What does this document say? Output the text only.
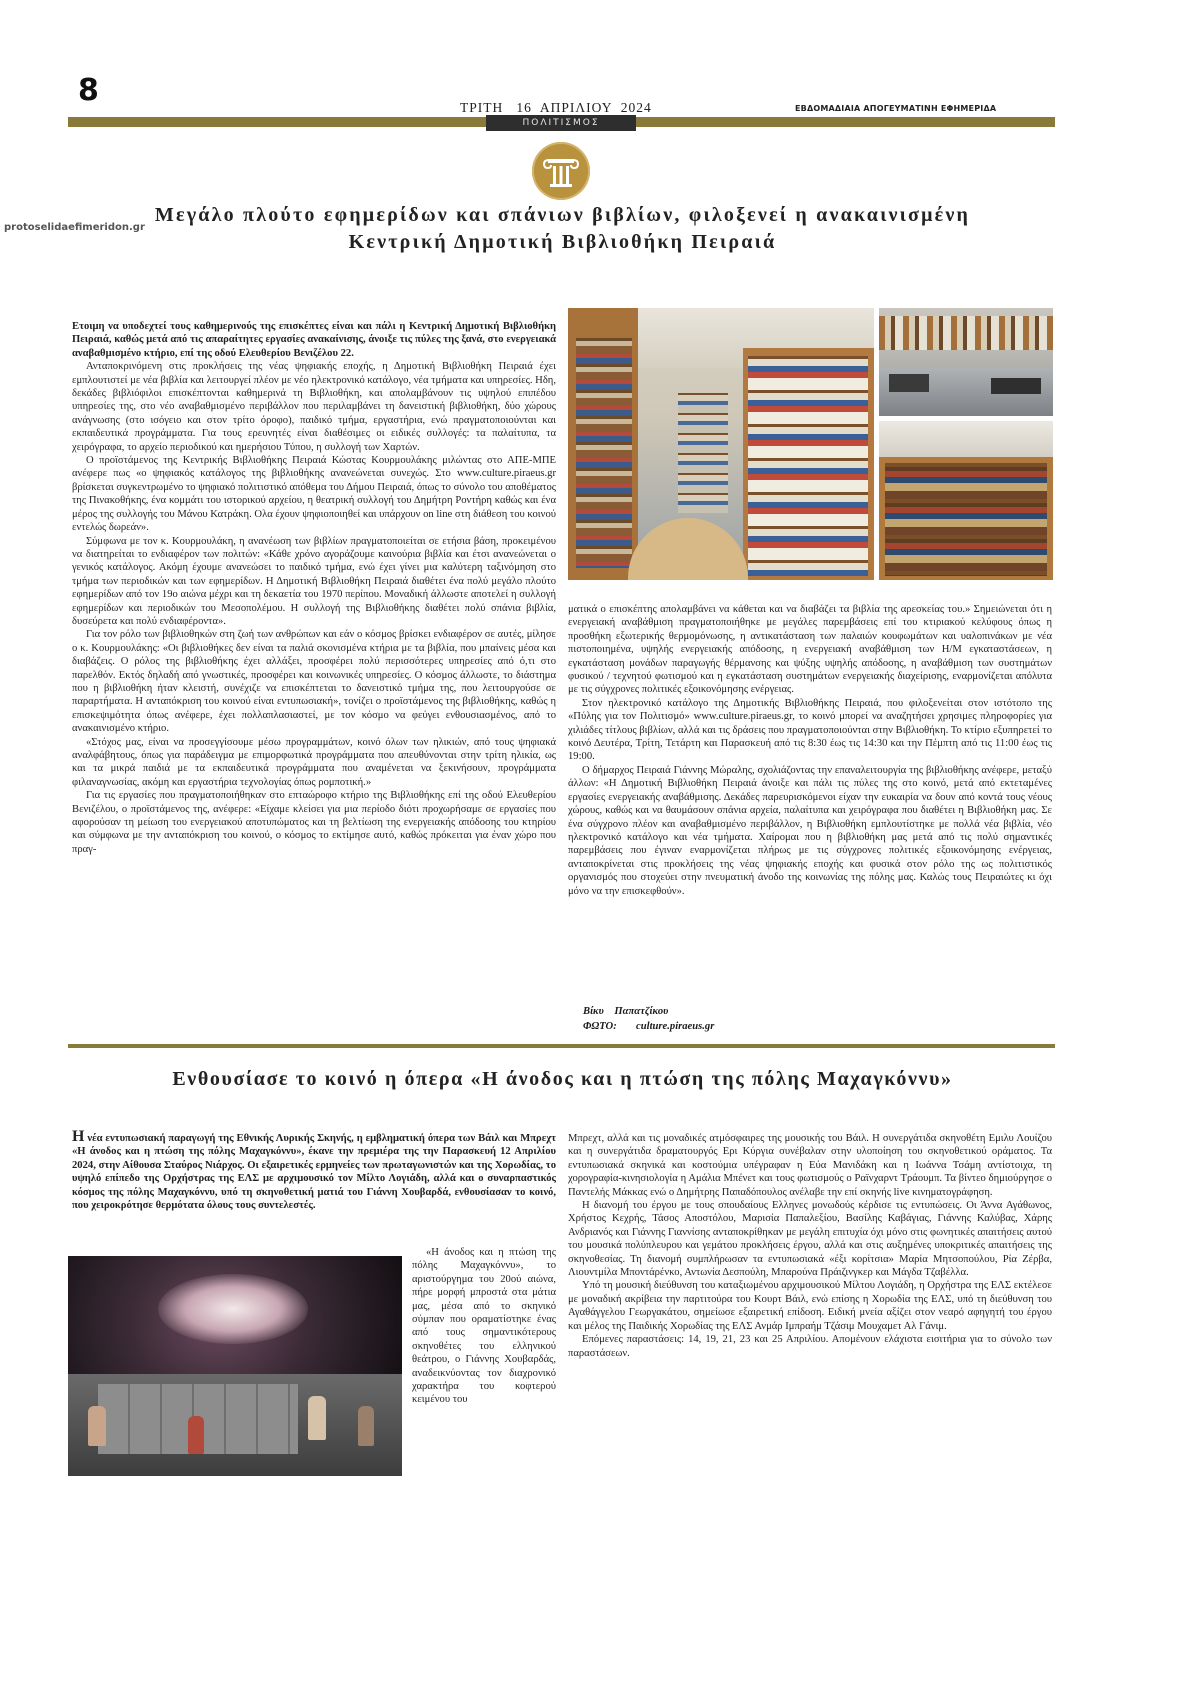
8	ΤΡΙΤΗ   16  ΑΠΡΙΛΙΟΥ  2024	ΕΒΔΟΜΑΔΙΑΙΑ ΑΠΟΓΕΥΜΑΤΙΝΗ ΕΦΗΜΕΡΙΔΑ
ΠΟΛΙΤΙΣΜΟΣ
protoselidaefimeridon.gr
Μεγάλο πλούτο εφημερίδων και σπάνιων βιβλίων, φιλοξενεί η ανακαινισμένη
Κεντρική Δημοτική Βιβλιοθήκη Πειραιά

Ετοιμη να υποδεχτεί τους καθημερινούς της επισκέπτες είναι και πάλι η Κεντρική Δημοτική Βιβλιοθήκη Πειραιά, καθώς μετά από τις απαραίτητες εργασίες ανακαίνισης, άνοιξε τις πύλες της ξανά, στο ενεργειακά αναβαθμισμένο κτήριο, επί της οδού Ελευθερίου Βενιζέλου 22.

Ανταποκρινόμενη στις προκλήσεις της νέας ψηφιακής εποχής, η Δημοτική Βιβλιοθήκη Πειραιά έχει εμπλουτιστεί με νέα βιβλία και λειτουργεί πλέον με νέο ηλεκτρονικό κατάλογο, νέα τμήματα και υπηρεσίες. Ηδη, δεκάδες βιβλιόφιλοι επισκέπτονται καθημερινά τη Βιβλιοθήκη, και απολαμβάνουν τις υψηλού επιπέδου υπηρεσίες της, στο νέο αναβαθμισμένο περιβάλλον που περιλαμβάνει τη δανειστική βιβλιοθήκη, δύο χώρους ανάγνωσης (στο ισόγειο και στον τρίτο όροφο), παιδικό τμήμα, εργαστήρια, ενώ πραγματοποιούνται και εκπαιδευτικά προγράμματα. Για τους ερευνητές είναι διαθέσιμες οι ειδικές συλλογές: τα παλαίτυπα, τα χειρόγραφα, το αρχείο περιοδικού και ημερήσιου Τύπου, η συλλογή των Χαρτών.

Ο προϊστάμενος της Κεντρικής Βιβλιοθήκης Πειραιά Κώστας Κουρμουλάκης μιλώντας στο ΑΠΕ-ΜΠΕ ανέφερε πως «ο ψηφιακός κατάλογος της βιβλιοθήκης ανανεώνεται συνεχώς. Στο www.culture.piraeus.gr βρίσκεται συγκεντρωμένο το ψηφιακό πολιτιστικό απόθεμα του Δήμου Πειραιά, όπως το σύνολο του αποθέματος της Πινακοθήκης, ένα κομμάτι του ιστορικού αρχείου, η θεατρική συλλογή του Δημήτρη Ροντήρη καθώς και ένα μέρος της συλλογής του Μάνου Κατράκη. Ολα έχουν ψηφιοποιηθεί και υπάρχουν on line στη διάθεση του κοινού εντελώς δωρεάν».

Σύμφωνα με τον κ. Κουρμουλάκη, η ανανέωση των βιβλίων πραγματοποιείται σε ετήσια βάση, προκειμένου να διατηρείται το ενδιαφέρον των πολιτών: «Κάθε χρόνο αγοράζουμε καινούρια βιβλία και έτσι ανανεώνεται ο γενικός κατάλογος. Ακόμη έχουμε ανανεώσει το παιδικό τμήμα, ενώ έχει γίνει μια καλύτερη ταξινόμηση στο τμήμα των περιοδικών και των εφημερίδων. Η Δημοτική Βιβλιοθήκη Πειραιά διαθέτει ένα πολύ μεγάλο πλούτο εφημερίδων από τον 19ο αιώνα μέχρι και τη δεκαετία του 1970 περίπου. Μοναδική άλλωστε αποτελεί η συλλογή εφημερίδων και περιοδικών του Μεσοπολέμου. Η συλλογή της Βιβλιοθήκης διαθέτει πολύ σπάνια βιβλία, δυσεύρετα και πολύ ενδιαφέροντα».

Για τον ρόλο των βιβλιοθηκών στη ζωή των ανθρώπων και εάν ο κόσμος βρίσκει ενδιαφέρον σε αυτές, μίλησε ο κ. Κουρμουλάκης: «Οι βιβλιοθήκες δεν είναι τα παλιά σκονισμένα κτήρια με τα βιβλία, που μπαίνεις μέσα και διαβάζεις. Ο ρόλος της βιβλιοθήκης έχει αλλάξει, προσφέρει πολύ περισσότερες υπηρεσίες από ό,τι στο παρελθόν. Εκτός δηλαδή από γνωστικές, προσφέρει και κοινωνικές υπηρεσίες. Ο κόσμος άλλωστε, το διάστημα που η βιβλιοθήκη ήταν κλειστή, συνέχιζε να επισκέπτεται το δανειστικό τμήμα της, που λειτουργούσε σε παραρτήματα. Η ανταπόκριση του κοινού είναι εντυπωσιακή», τονίζει ο προϊστάμενος της βιβλιοθήκης, καθώς η επισκεψιμότητα όπως ανέφερε, έχει πολλαπλασιαστεί, με τον κόσμο να φεύγει ενθουσιασμένος, από το ανακαινισμένο κτήριο.

«Στόχος μας, είναι να προσεγγίσουμε μέσω προγραμμάτων, κοινό όλων των ηλικιών, από τους ψηφιακά αναλφάβητους, όπως για παράδειγμα με επιμορφωτικά προγράμματα που απευθύνονται στην τρίτη ηλικία, ως και τα μικρά παιδιά με τα εκπαιδευτικά προγράμματα που αναμένεται να ξεκινήσουν, προγράμματα φιλαναγνωσίας, ακόμη και εργαστήρια τεχνολογίας όπως ρομποτική.»

Για τις εργασίες που πραγματοποιήθηκαν στο επταώροφο κτήριο της Βιβλιοθήκης επί της οδού Ελευθερίου Βενιζέλου, ο προϊστάμενος της, ανέφερε: «Είχαμε κλείσει για μια περίοδο διότι προχωρήσαμε σε εργασίες που αφορούσαν τη μείωση του ενεργειακού αποτυπώματος και τη βελτίωση της ενεργειακής απόδοσης του κτηρίου και σύμφωνα με την ανταπόκριση του κοινού, ο κόσμος το εκτίμησε αυτό, καθώς πρόκειται για έναν χώρο που πραγ-

ματικά ο επισκέπτης απολαμβάνει να κάθεται και να διαβάζει τα βιβλία της αρεσκείας του.» Σημειώνεται ότι η ενεργειακή αναβάθμιση πραγματοποιήθηκε με μεγάλες παρεμβάσεις επί του κτιριακού κελύφους όπως η προσθήκη εξωτερικής θερμομόνωσης, η αντικατάσταση των παλαιών κουφωμάτων και υαλοπινάκων με νέα πιστοποιημένα, υψηλής ενεργειακής απόδοσης, η ενεργειακή αναβάθμιση των Η/Μ εγκαταστάσεων, η εγκατάσταση μονάδων παραγωγής θέρμανσης και ψύξης υψηλής απόδοσης, η αναβάθμιση των συστημάτων φυσικού / τεχνητού φωτισμού και η εγκατάσταση συστημάτων ενεργειακής διαχείρισης, εναρμονίζεται απόλυτα με τις σύγχρονες πολιτικές εξοικονόμησης ενέργειας.

Στον ηλεκτρονικό κατάλογο της Δημοτικής Βιβλιοθήκης Πειραιά, που φιλοξενείται στον ιστότοπο της «Πύλης για τον Πολιτισμό» www.culture.piraeus.gr, το κοινό μπορεί να αναζητήσει χρησιμες πληροφορίες για χιλιάδες τίτλους βιβλίων, αλλά και τις δράσεις που πραγματοποιούνται στην Βιβλιοθήκη. Το κτίριο εξυπηρετεί το κοινό Δευτέρα, Τρίτη, Τετάρτη και Παρασκευή από τις 8:30 έως τις 14:30 και την Πέμπτη από τις 11:00 έως τις 19:00.

Ο δήμαρχος Πειραιά Γιάννης Μώραλης, σχολιάζοντας την επαναλειτουργία της βιβλιοθήκης ανέφερε, μεταξύ άλλων: «Η Δημοτική Βιβλιοθήκη Πειραιά άνοιξε και πάλι τις πύλες της στο κοινό, μετά από εκτεταμένες εργασίες ενεργειακής αναβάθμισης. Δεκάδες παρευρισκόμενοι είχαν την ευκαιρία να δουν από κοντά τους νέους χώρους, καθώς και να θαυμάσουν σπάνια αρχεία, παλαίτυπα και χειρόγραφα που διαθέτει η Βιβλιοθήκη μας. Σε ένα σύγχρονο πλέον και αναβαθμισμένο περιβάλλον, η Βιβλιοθήκη εμπλουτίστηκε με πολλά νέα βιβλία, νέο ηλεκτρονικό κατάλογο και νέα τμήματα. Χαίρομαι που η βιβλιοθήκη μας μετά από τις πολύ σημαντικές παρεμβάσεις που έγιναν εναρμονίζεται πλήρως με τις σύγχρονες πολιτικές εξοικονόμησης ενέργειας, ανταποκρίνεται στις προκλήσεις της νέας ψηφιακής εποχής και φυσικά στον ρόλο της ως πολιτιστικός οργανισμός που στοχεύει στην πνευματική άνοδο της κοινωνίας της πόλης μας. Καλώς τους Πειραιώτες κι όχι μόνο να την επισκεφθούν».

Βίκυ    Παπατζίκου
ΦΩΤΟ: culture.piraeus.gr
Ενθουσίασε το κοινό η όπερα «Η άνοδος και η πτώση της πόλης Μαχαγκόννυ»
Η νέα εντυπωσιακή παραγωγή της Εθνικής Λυρικής Σκηνής, η εμβληματική όπερα των Βάιλ και Μπρεχτ «Η άνοδος και η πτώση της πόλης Μαχαγκόννυ», έκανε την πρεμιέρα της την Παρασκευή 12 Απριλίου 2024, στην Αίθουσα Σταύρος Νιάρχος. Οι εξαιρετικές ερμηνείες των πρωταγωνιστών και της Χορωδίας, το υψηλό επίπεδο της Ορχήστρας της ΕΛΣ με αρχιμουσικό τον Μίλτο Λογιάδη, αλλά και ο συναρπαστικός κόσμος της πόλης Μαχαγκόννυ, υπό τη σκηνοθετική ματιά του Γιάννη Χουβαρδά, ενθουσίασαν το κοινό, που χειροκρότησε θερμότατα όλους τους συντελεστές.

«Η άνοδος και η πτώση της πόλης Μαχαγκόννυ», το αριστούργημα του 20ού αιώνα, πήρε μορφή μπροστά στα μάτια μας, μέσα από το σκηνικό σύμπαν που οραματίστηκε ένας από τους σημαντικότερους σκηνοθέτες του ελληνικού θεάτρου, ο Γιάννης Χουβαρδάς, αναδεικνύοντας τον διαχρονικό χαρακτήρα του κοφτερού κειμένου του

Μπρεχτ, αλλά και τις μοναδικές ατμόσφαιρες της μουσικής του Βάιλ. Η συνεργάτιδα σκηνοθέτη Εμιλυ Λουίζου και η συνεργάτιδα δραματουργός Ερι Κύργια συνέβαλαν στην υλοποίηση του σκηνοθετικού οράματος. Τα εντυπωσιακά σκηνικά και κοστούμια υπέγραφαν η Εύα Μανιδάκη και η Ιωάννα Τσάμη αντίστοιχα, τη χορογραφία-κινησιολογία η Αμάλια Μπένετ και τους φωτισμούς ο Ραϊνχαρντ Τράουμπ. Τα βίντεο δημιούργησε ο Παντελής Μάκκας ενώ ο Δημήτρης Παπαδόπουλος ανέλαβε την επί σκηνής live κινηματογράφηση.

Η διανομή του έργου με τους σπουδαίους Ελληνες μονωδούς κέρδισε τις εντυπώσεις. Οι Άννα Αγάθωνος, Χρήστος Κεχρής, Τάσος Αποστόλου, Μαρισία Παπαλεξίου, Βασίλης Καβάγιας, Γιάννης Καλύβας, Χάρης Ανδριανός και Γιάννης Γιαννίσης ανταποκρίθηκαν με μεγάλη επιτυχία όχι μόνο στις φωνητικές απαιτήσεις αυτού του μουσικά πολύπλευρου και γεμάτου προκλήσεις έργου, αλλά και στις αυξημένες υποκριτικές απαιτήσεις της σκηνοθεσίας. Τη διανομή συμπλήρωσαν τα εντυπωσιακά «έξι κορίτσια» Μαρία Μητσοπούλου, Ρία Ζέρβα, Λιουντμίλα Μποντάρένκο, Αντωνία Δεσπούλη, Μπαρούνα Πράιζινγκερ και Μάγδα Τζαβέλλα.

Υπό τη μουσική διεύθυνση του καταξιωμένου αρχιμουσικού Μίλτου Λογιάδη, η Ορχήστρα της ΕΛΣ εκτέλεσε με μοναδική ακρίβεια την παρτιτούρα του Κουρτ Βάιλ, ενώ επίσης η Χορωδία της ΕΛΣ, υπό τη διεύθυνση του Αγαθάγγελου Γεωργακάτου, σημείωσε εξαιρετική επίδοση. Ειδική μνεία αξίζει στον νεαρό αφηγητή του έργου και μέλος της Παιδικής Χορωδίας της ΕΛΣ Ανμάρ Ιμπραήμ Τζάσιμ Μουχαμετ Αλ Γάνιμ.

Επόμενες παραστάσεις: 14, 19, 21, 23 και 25 Απριλίου. Απομένουν ελάχιστα εισιτήρια για το σύνολο των παραστάσεων.
